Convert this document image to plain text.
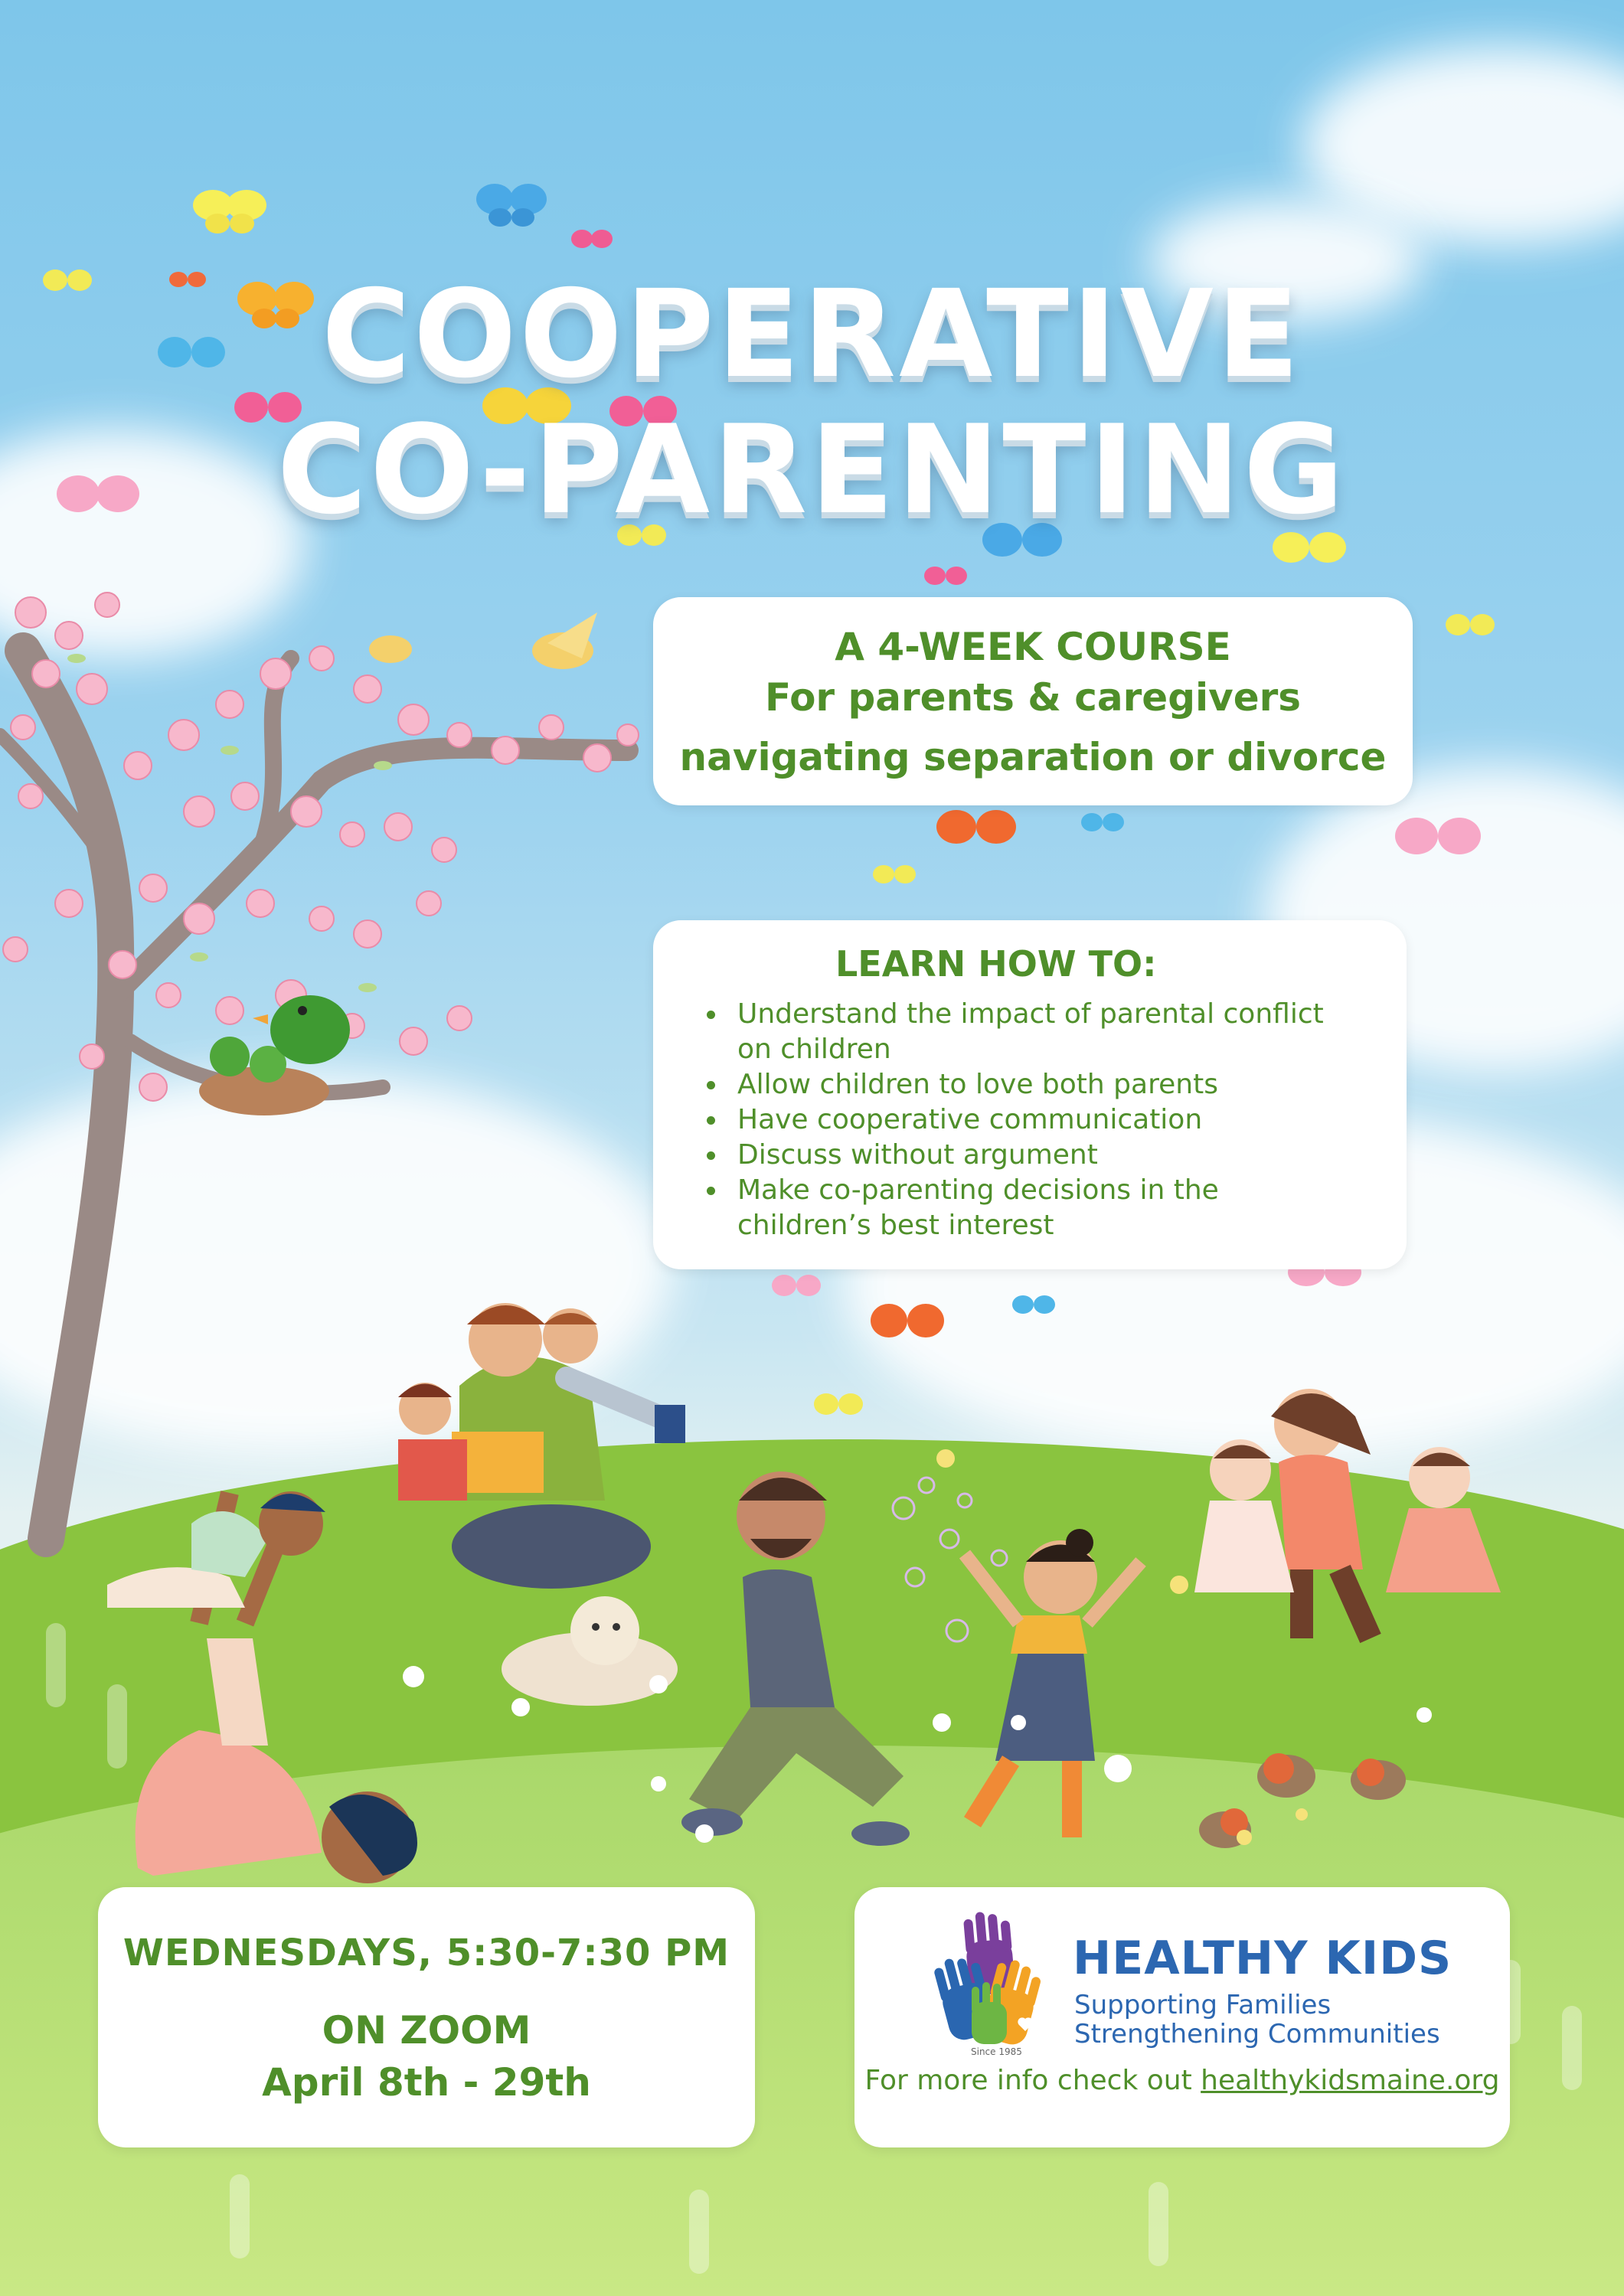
COOPERATIVE
CO-PARENTING
A 4-WEEK COURSE
For parents & caregivers
navigating separation or divorce
LEARN HOW TO:
Understand the impact of parental conflict on children
Allow children to love both parents
Have cooperative communication
Discuss without argument
Make co-parenting decisions in the children’s best interest
WEDNESDAYS, 5:30-7:30 PM
ON ZOOM
April 8th - 29th
Since 1985
HEALTHY KIDS
Supporting Families
Strengthening Communities
For more info check out healthykidsmaine.org
